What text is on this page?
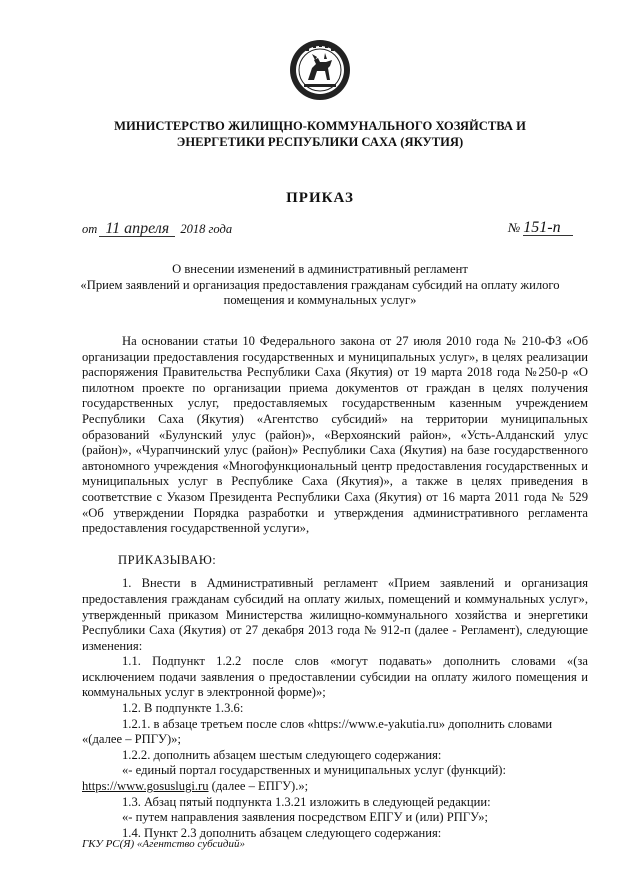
МИНИСТЕРСТВО ЖИЛИЩНО-КОММУНАЛЬНОГО ХОЗЯЙСТВА И
ЭНЕРГЕТИКИ РЕСПУБЛИКИ САХА (ЯКУТИЯ)
ПРИКАЗ
от 11 апреля 2018 года	№ 151-п
О внесении изменений в административный регламент
«Прием заявлений и организация предоставления гражданам субсидий на оплату жилого помещения и коммунальных услуг»

На основании статьи 10 Федерального закона от 27 июля 2010 года № 210-ФЗ «Об организации предоставления государственных и муниципальных услуг», в целях реализации распоряжения Правительства Республики Саха (Якутия) от 19 марта 2018 года №250-р «О пилотном проекте по организации приема документов от граждан в целях получения государственных услуг, предоставляемых государственным казенным учреждением Республики Саха (Якутия) «Агентство субсидий» на территории муниципальных образований «Булунский улус (район)», «Верхоянский район», «Усть-Алданский улус (район)», «Чурапчинский улус (район)» Республики Саха (Якутия) на базе государственного автономного учреждения «Многофункциональный центр предоставления государственных и муниципальных услуг в Республике Саха (Якутия)», а также в целях приведения в соответствие с Указом Президента Республики Саха (Якутия) от 16 марта 2011 года № 529 «Об утверждении Порядка разработки и утверждения административного регламента предоставления государственной услуги»,

ПРИКАЗЫВАЮ:

1. Внести в Административный регламент «Прием заявлений и организация предоставления гражданам субсидий на оплату жилых, помещений и коммунальных услуг», утвержденный приказом Министерства жилищно-коммунального хозяйства и энергетики Республики Саха (Якутия) от 27 декабря 2013 года № 912-п (далее - Регламент), следующие изменения:

1.1. Подпункт 1.2.2 после слов «могут подавать» дополнить словами «(за исключением подачи заявления о предоставлении субсидии на оплату жилого помещения и коммунальных услуг в электронной форме)»;

1.2. В подпункте 1.3.6:

1.2.1. в абзаце третьем после слов «https://www.e-yakutia.ru» дополнить словами

«(далее – РПГУ)»;

1.2.2. дополнить абзацем шестым следующего содержания:

«- единый портал государственных и муниципальных услуг (функций):

https://www.gosuslugi.ru (далее – ЕПГУ).»;

1.3. Абзац пятый подпункта 1.3.21 изложить в следующей редакции:

«- путем направления заявления посредством ЕПГУ и (или) РПГУ»;

1.4. Пункт 2.3 дополнить абзацем следующего содержания:

ГКУ РС(Я) «Агентство субсидий»
